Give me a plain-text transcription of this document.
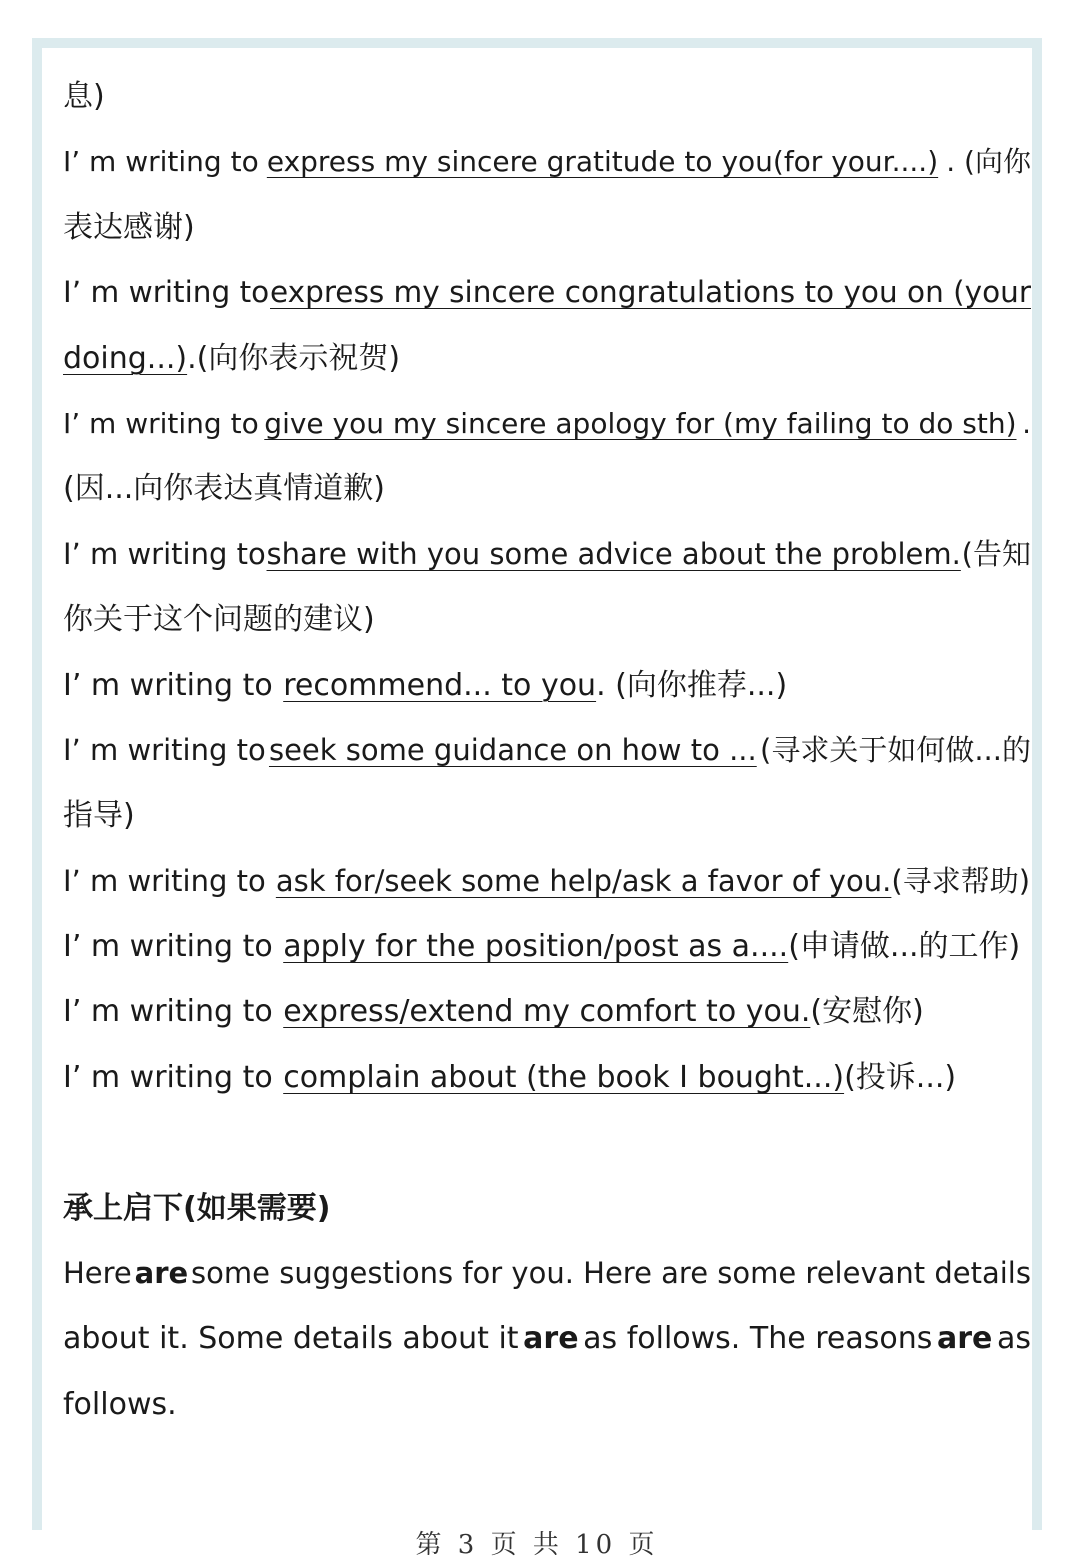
息)
I’ m writing to express my sincere gratitude to you(for your....) . (向你
表达感谢)
I’ m writing to express my sincere congratulations to you on (your
doing...) .(向你表示祝贺)
I’ m writing to give you my sincere apology for (my failing to do sth) .
(因...向你表达真情道歉)
I’ m writing to share with you some advice about the problem. (告知
你关于这个问题的建议)
I’ m writing to recommend... to you . (向你推荐...)
I’ m writing to seek some guidance on how to ... (寻求关于如何做...的
指导)
I’ m writing to ask for/seek some help/ask a favor of you. (寻求帮助)
I’ m writing to apply for the position/post as a.... (申请做...的工作)
I’ m writing to express/extend my comfort to you. (安慰你)
I’ m writing to complain about (the book I bought...) (投诉...)
承上启下(如果需要)
Here are some suggestions for you. Here are some relevant details
about it. Some details about it are as follows. The reasons are as
follows.
第 3 页 共 10 页
